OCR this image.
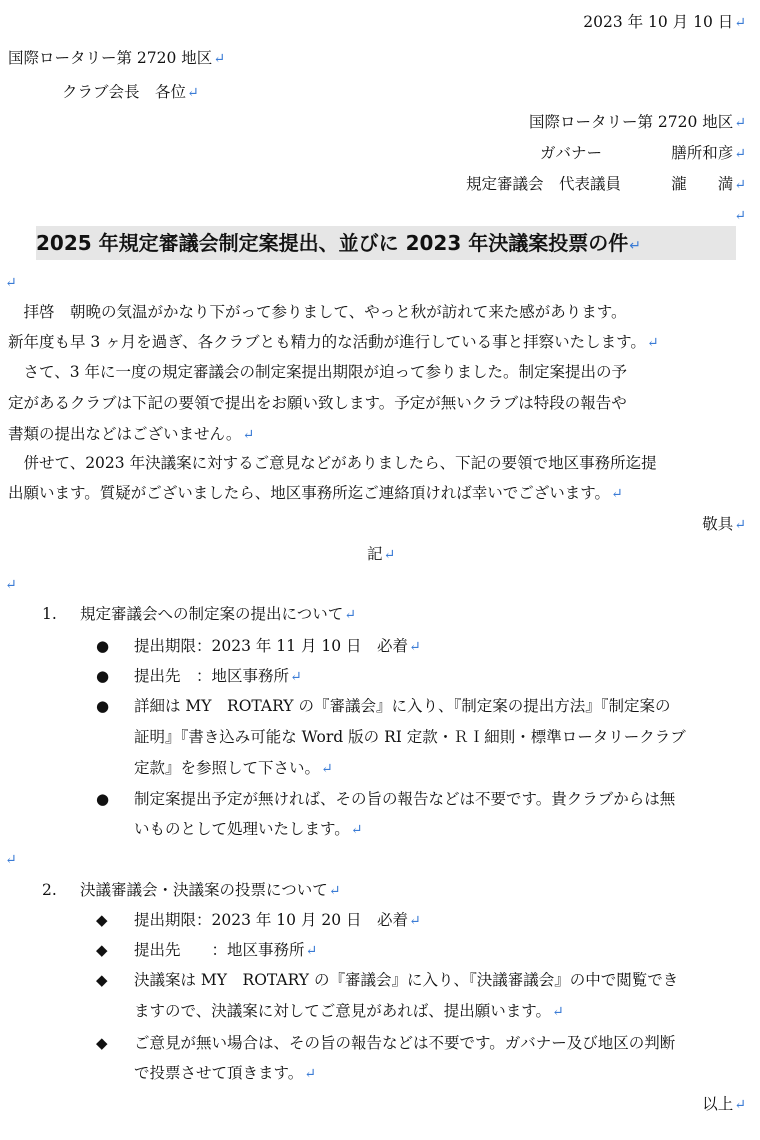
2023 年 10 月 10 日↵
国際ロータリー第 2720 地区↵
クラブ会長　各位↵
国際ロータリー第 2720 地区↵
ガバナー	膳所和彦↵
規定審議会　代表議員	瀧　　満↵
↵
2025 年規定審議会制定案提出、並びに 2023 年決議案投票の件↵
↵
　拝啓　朝晩の気温がかなり下がって参りまして、やっと秋が訪れて来た感があります。
新年度も早 3 ヶ月を過ぎ、各クラブとも精力的な活動が進行している事と拝察いたします。↵
　さて、3 年に一度の規定審議会の制定案提出期限が迫って参りました。制定案提出の予
定があるクラブは下記の要領で提出をお願い致します。予定が無いクラブは特段の報告や
書類の提出などはございません。↵
　併せて、2023 年決議案に対するご意見などがありましたら、下記の要領で地区事務所迄提
出願います。質疑がございましたら、地区事務所迄ご連絡頂ければ幸いでございます。↵
敬具↵
記↵
↵
1. 規定審議会への制定案の提出について↵
● 提出期限：2023 年 11 月 10 日　必着↵
● 提出先　：地区事務所↵
● 詳細は MY　ROTARY の『審議会』に入り、『制定案の提出方法』『制定案の
証明』『書き込み可能な Word 版の RI 定款・ＲＩ細則・標準ロータリークラブ
定款』を参照して下さい。↵
● 制定案提出予定が無ければ、その旨の報告などは不要です。貴クラブからは無
いものとして処理いたします。↵
↵
2. 決議審議会・決議案の投票について↵
◆ 提出期限：2023 年 10 月 20 日　必着↵
◆ 提出先　　：地区事務所↵
◆ 決議案は MY　ROTARY の『審議会』に入り、『決議審議会』の中で閲覧でき
ますので、決議案に対してご意見があれば、提出願います。↵
◆ ご意見が無い場合は、その旨の報告などは不要です。ガバナー及び地区の判断
で投票させて頂きます。↵
以上↵
